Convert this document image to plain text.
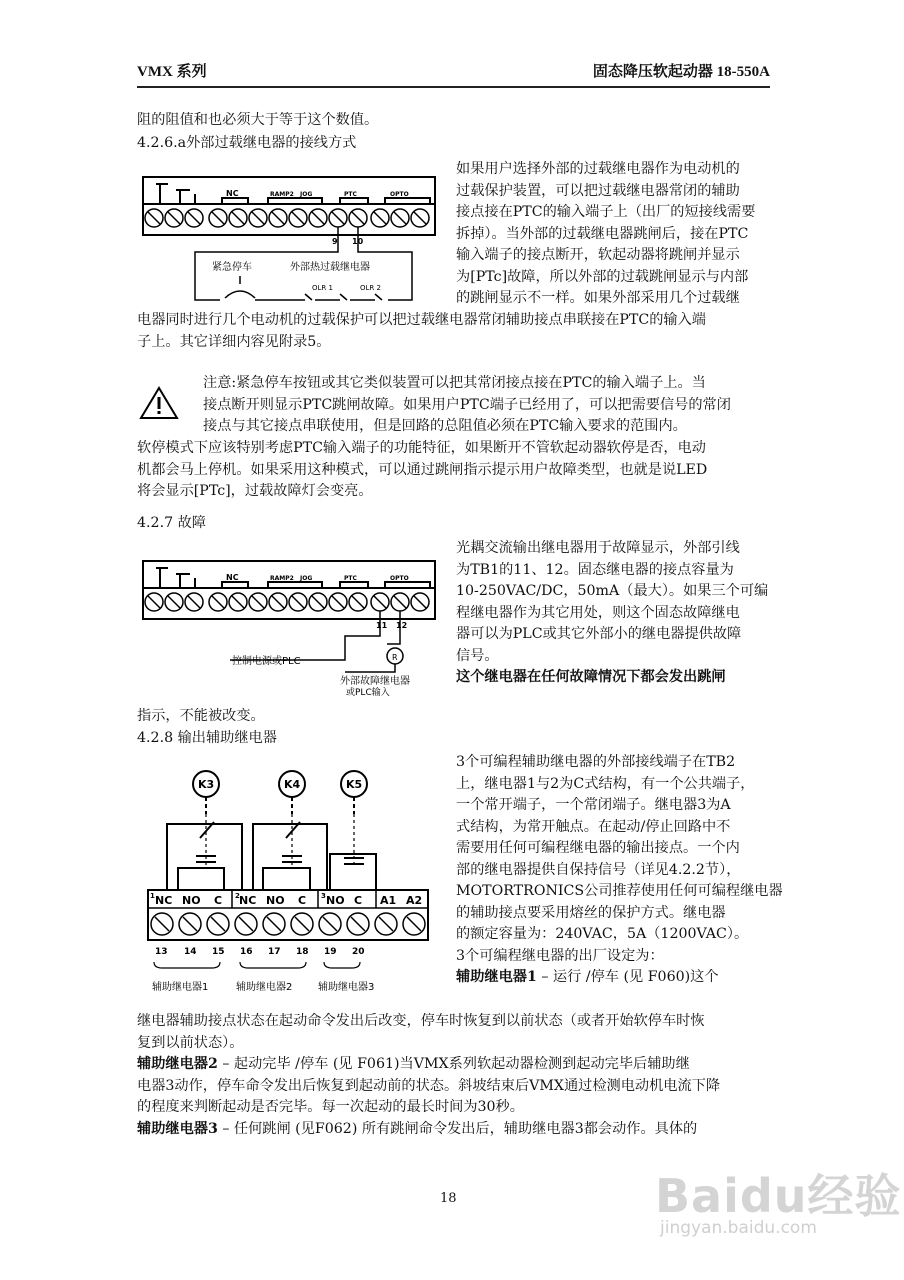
VMX 系列	固态降压软起动器 18-550A
阻的阻值和也必须大于等于这个数值。
4.2.6.a外部过载继电器的接线方式
如果用户选择外部的过载继电器作为电动机的
过载保护装置，可以把过载继电器常闭的辅助
接点接在PTC的输入端子上（出厂的短接线需要
拆掉）。当外部的过载继电器跳闸后，接在PTC
输入端子的接点断开，软起动器将跳闸并显示
为[PTc]故障，所以外部的过载跳闸显示与内部
的跳闸显示不一样。如果外部采用几个过载继
电器同时进行几个电动机的过载保护可以把过载继电器常闭辅助接点串联接在PTC的输入端
子上。其它详细内容见附录5。
NC	RAMP2 JOG	PTC	OPTO
9 10
紧急停车	外部热过载继电器
OLR 1	OLR 2
注意:紧急停车按钮或其它类似装置可以把其常闭接点接在PTC的输入端子上。当
接点断开则显示PTC跳闸故障。如果用户PTC端子已经用了，可以把需要信号的常闭
接点与其它接点串联使用，但是回路的总阻值必须在PTC输入要求的范围内。
软停模式下应该特别考虑PTC输入端子的功能特征，如果断开不管软起动器软停是否，电动
机都会马上停机。如果采用这种模式，可以通过跳闸指示提示用户故障类型，也就是说LED
将会显示[PTc]，过载故障灯会变亮。
4.2.7 故障
光耦交流输出继电器用于故障显示，外部引线
为TB1的11、12。固态继电器的接点容量为
10-250VAC/DC，50mA（最大）。如果三个可编
程继电器作为其它用处，则这个固态故障继电
器可以为PLC或其它外部小的继电器提供故障
信号。
这个继电器在任何故障情况下都会发出跳闸
指示，不能被改变。
NC	RAMP2 JOG	PTC	OPTO
11 12
R
控制电源或PLC
外部故障继电器
或PLC输入
4.2.8 输出辅助继电器
3个可编程辅助继电器的外部接线端子在TB2
上，继电器1与2为C式结构，有一个公共端子，
一个常开端子，一个常闭端子。继电器3为A
式结构，为常开触点。在起动/停止回路中不
需要用任何可编程继电器的输出接点。一个内
部的继电器提供自保持信号（详见4.2.2节），
MOTORTRONICS公司推荐使用任何可编程继电器
的辅助接点要采用熔丝的保护方式。继电器
的额定容量为：240VAC，5A（1200VAC）。
3个可编程继电器的出厂设定为：
辅助继电器1 – 运行 /停车 (见 F060)这个
继电器辅助接点状态在起动命令发出后改变，停车时恢复到以前状态（或者开始软停车时恢
复到以前状态）。
辅助继电器2 – 起动完毕 /停车 (见 F061)当VMX系列软起动器检测到起动完毕后辅助继
电器3动作，停车命令发出后恢复到起动前的状态。斜坡结束后VMX通过检测电动机电流下降
的程度来判断起动是否完毕。每一次起动的最长时间为30秒。
辅助继电器3 – 任何跳闸 (见F062) 所有跳闸命令发出后，辅助继电器3都会动作。具体的
K3	K4	K5
1	2	3
NC NO C NC NO C NO C A1 A2
13 14 15 16 17 18 19 20
辅助继电器1	辅助继电器2	辅助继电器3
18	Baidu经验
jingyan.baidu.com
